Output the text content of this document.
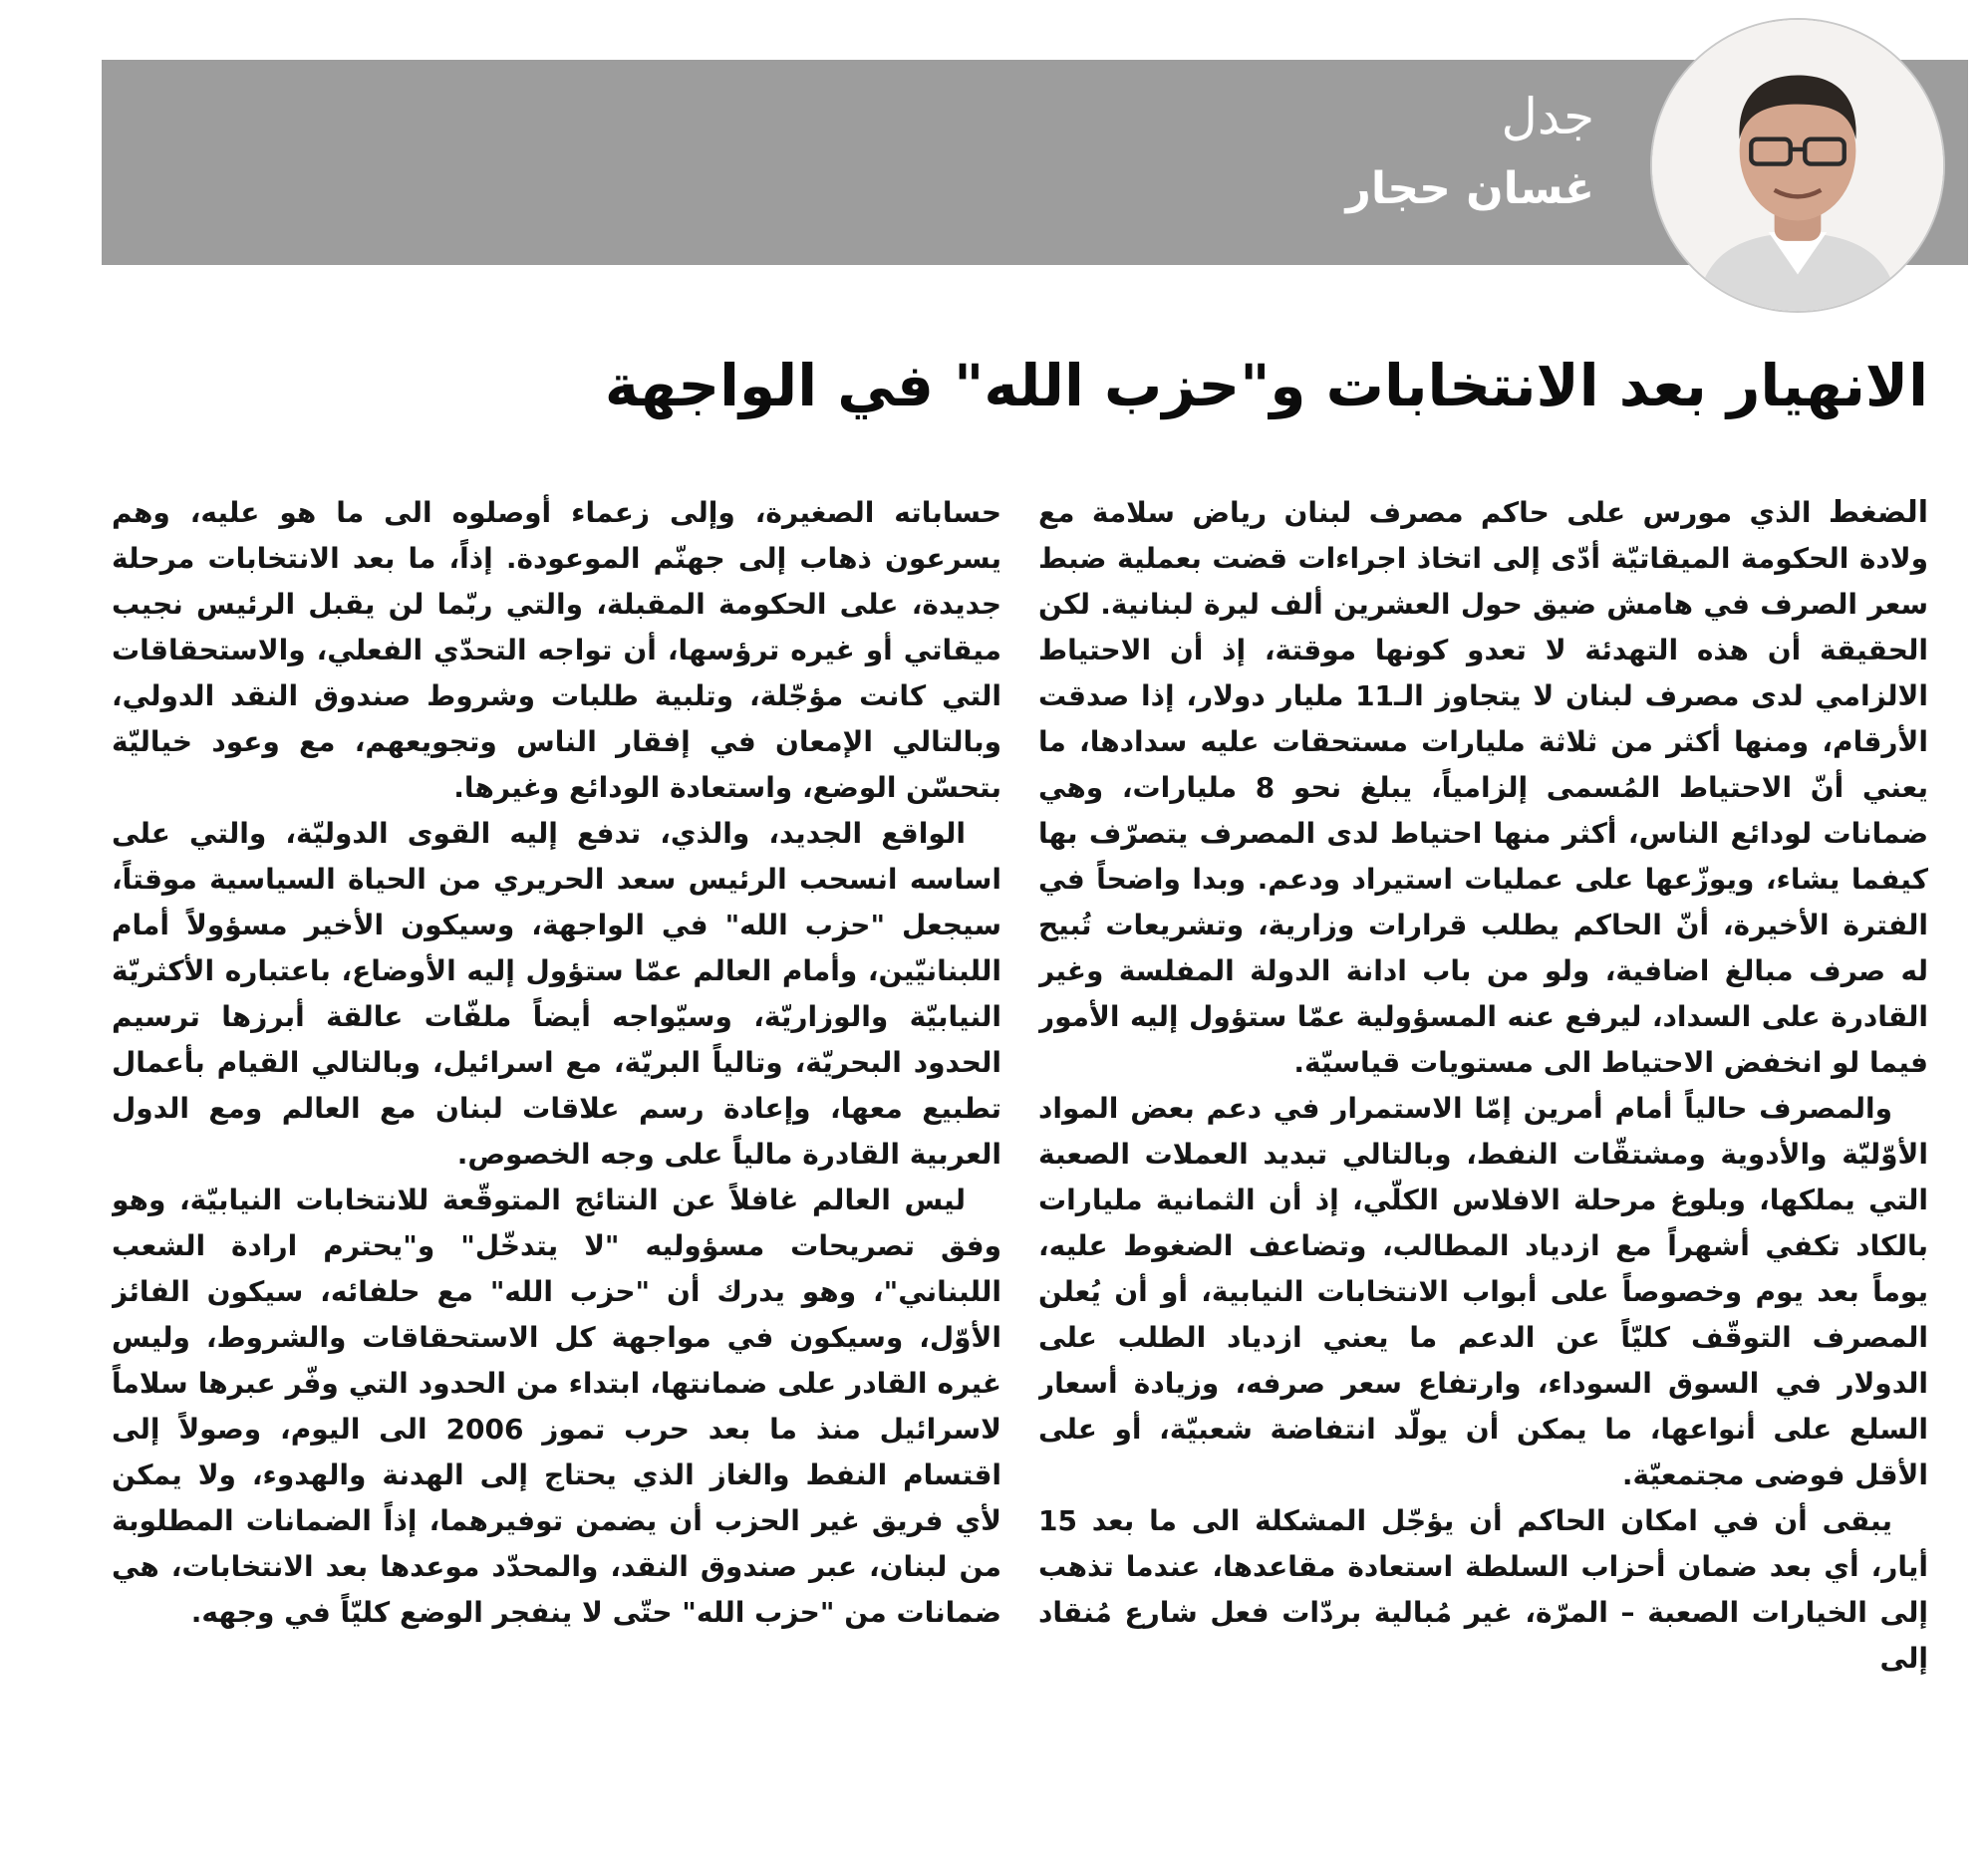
جدل
غسان حجار
الانهيار بعد الانتخابات و"حزب الله" في الواجهة

الضغط الذي مورس على حاكم مصرف لبنان رياض سلامة مع ولادة الحكومة الميقاتيّة أدّى إلى اتخاذ اجراءات قضت بعملية ضبط سعر الصرف في هامش ضيق حول العشرين ألف ليرة لبنانية. لكن الحقيقة أن هذه التهدئة لا تعدو كونها موقتة، إذ أن الاحتياط الالزامي لدى مصرف لبنان لا يتجاوز الـ11 مليار دولار، إذا صدقت الأرقام، ومنها أكثر من ثلاثة مليارات مستحقات عليه سدادها، ما يعني أنّ الاحتياط المُسمى إلزامياً، يبلغ نحو 8 مليارات، وهي ضمانات لودائع الناس، أكثر منها احتياط لدى المصرف يتصرّف بها كيفما يشاء، ويوزّعها على عمليات استيراد ودعم. وبدا واضحاً في الفترة الأخيرة، أنّ الحاكم يطلب قرارات وزارية، وتشريعات تُبيح له صرف مبالغ اضافية، ولو من باب ادانة الدولة المفلسة وغير القادرة على السداد، ليرفع عنه المسؤولية عمّا ستؤول إليه الأمور فيما لو انخفض الاحتياط الى مستويات قياسيّة.

والمصرف حالياً أمام أمرين إمّا الاستمرار في دعم بعض المواد الأوّليّة والأدوية ومشتقّات النفط، وبالتالي تبديد العملات الصعبة التي يملكها، وبلوغ مرحلة الافلاس الكلّي، إذ أن الثمانية مليارات بالكاد تكفي أشهراً مع ازدياد المطالب، وتضاعف الضغوط عليه، يوماً بعد يوم وخصوصاً على أبواب الانتخابات النيابية، أو أن يُعلن المصرف التوقّف كليّاً عن الدعم ما يعني ازدياد الطلب على الدولار في السوق السوداء، وارتفاع سعر صرفه، وزيادة أسعار السلع على أنواعها، ما يمكن أن يولّد انتفاضة شعبيّة، أو على الأقل فوضى مجتمعيّة.

يبقى أن في امكان الحاكم أن يؤجّل المشكلة الى ما بعد 15 أيار، أي بعد ضمان أحزاب السلطة استعادة مقاعدها، عندما تذهب إلى الخيارات الصعبة – المرّة، غير مُبالية بردّات فعل شارع مُنقاد إلى

حساباته الصغيرة، وإلى زعماء أوصلوه الى ما هو عليه، وهم يسرعون ذهاب إلى جهنّم الموعودة. إذاً، ما بعد الانتخابات مرحلة جديدة، على الحكومة المقبلة، والتي ربّما لن يقبل الرئيس نجيب ميقاتي أو غيره ترؤسها، أن تواجه التحدّي الفعلي، والاستحقاقات التي كانت مؤجّلة، وتلبية طلبات وشروط صندوق النقد الدولي، وبالتالي الإمعان في إفقار الناس وتجويعهم، مع وعود خياليّة بتحسّن الوضع، واستعادة الودائع وغيرها.

الواقع الجديد، والذي، تدفع إليه القوى الدوليّة، والتي على اساسه انسحب الرئيس سعد الحريري من الحياة السياسية موقتاً، سيجعل "حزب الله" في الواجهة، وسيكون الأخير مسؤولاً أمام اللبنانيّين، وأمام العالم عمّا ستؤول إليه الأوضاع، باعتباره الأكثريّة النيابيّة والوزاريّة، وسيّواجه أيضاً ملفّات عالقة أبرزها ترسيم الحدود البحريّة، وتالياً البريّة، مع اسرائيل، وبالتالي القيام بأعمال تطبيع معها، وإعادة رسم علاقات لبنان مع العالم ومع الدول العربية القادرة مالياً على وجه الخصوص.

ليس العالم غافلاً عن النتائج المتوقّعة للانتخابات النيابيّة، وهو وفق تصريحات مسؤوليه "لا يتدخّل" و"يحترم ارادة الشعب اللبناني"، وهو يدرك أن "حزب الله" مع حلفائه، سيكون الفائز الأوّل، وسيكون في مواجهة كل الاستحقاقات والشروط، وليس غيره القادر على ضمانتها، ابتداء من الحدود التي وفّر عبرها سلاماً لاسرائيل منذ ما بعد حرب تموز 2006 الى اليوم، وصولاً إلى اقتسام النفط والغاز الذي يحتاج إلى الهدنة والهدوء، ولا يمكن لأي فريق غير الحزب أن يضمن توفيرهما، إذاً الضمانات المطلوبة من لبنان، عبر صندوق النقد، والمحدّد موعدها بعد الانتخابات، هي ضمانات من "حزب الله" حتّى لا ينفجر الوضع كليّاً في وجهه.
